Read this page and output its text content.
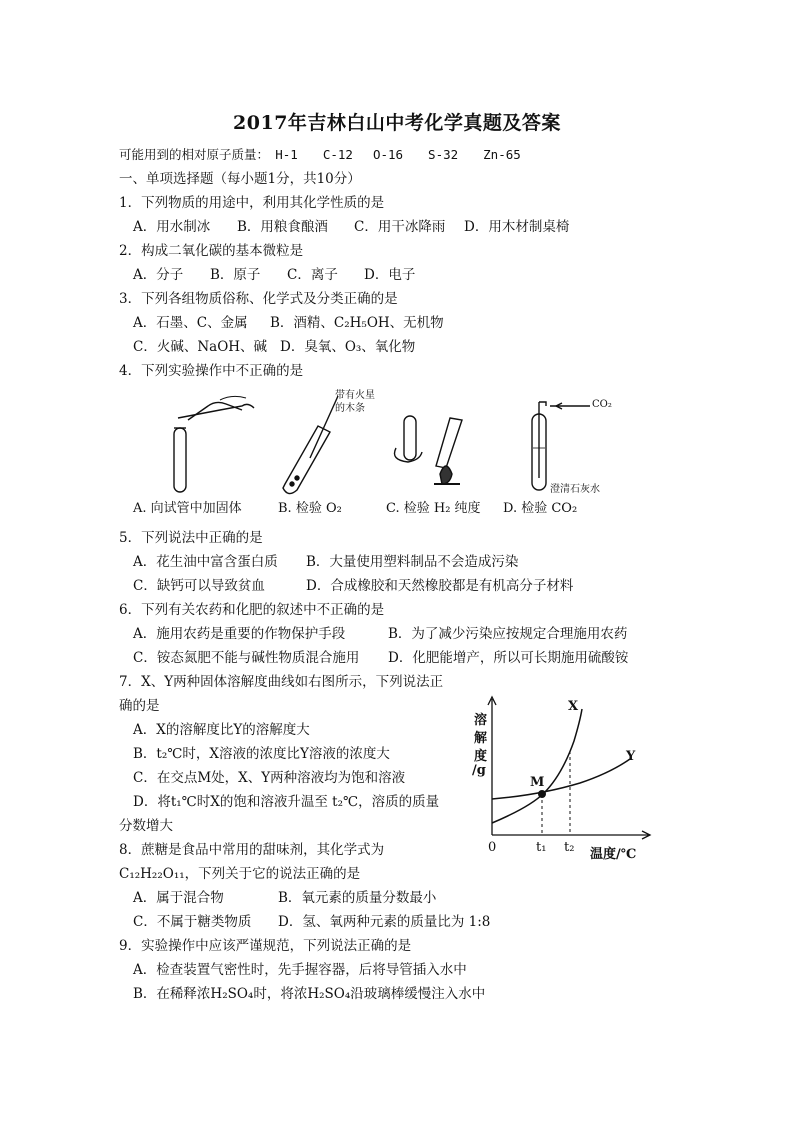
2017年吉林白山中考化学真题及答案
可能用到的相对原子质量：　H-1　　C-12　 O-16　　S-32　　Zn-65
一、单项选择题（每小题1分，共10分）
1．下列物质的用途中，利用其化学性质的是
A．用水制冰 B．用粮食酿酒 C．用干冰降雨 D．用木材制桌椅
2．构成二氧化碳的基本微粒是
A．分子 B．原子 C．离子 D．电子
3．下列各组物质俗称、化学式及分类正确的是
A．石墨、C、金属 B．酒精、C₂H₅OH、无机物
C．火碱、NaOH、碱 D．臭氧、O₃、氧化物
4．下列实验操作中不正确的是
带有火星
的木条	CO₂
澄清石灰水
A. 向试管中加固体	B. 检验 O₂	C. 检验 H₂ 纯度 D. 检验 CO₂
5．下列说法中正确的是
A．花生油中富含蛋白质 B．大量使用塑料制品不会造成污染
C．缺钙可以导致贫血	D．合成橡胶和天然橡胶都是有机高分子材料
6．下列有关农药和化肥的叙述中不正确的是
A．施用农药是重要的作物保护手段	B．为了减少污染应按规定合理施用农药
C．铵态氮肥不能与碱性物质混合施用 D．化肥能增产，所以可长期施用硫酸铵
7．X、Y两种固体溶解度曲线如右图所示，下列说法正
确的是
A．X的溶解度比Y的溶解度大
B．t₂℃时，X溶液的浓度比Y溶液的浓度大
C．在交点M处，X、Y两种溶液均为饱和溶液
D．将t₁℃时X的饱和溶液升温至 t₂℃，溶质的质量
分数增大
溶
解
度
/g
0	t₁ t₂ 温度/℃
X
Y
M
8．蔗糖是食品中常用的甜味剂，其化学式为
C₁₂H₂₂O₁₁，下列关于它的说法正确的是
A．属于混合物	B．氧元素的质量分数最小
C．不属于糖类物质 D．氢、氧两种元素的质量比为 1:8
9．实验操作中应该严谨规范，下列说法正确的是
A．检查装置气密性时，先手握容器，后将导管插入水中
B．在稀释浓H₂SO₄时，将浓H₂SO₄沿玻璃棒缓慢注入水中
